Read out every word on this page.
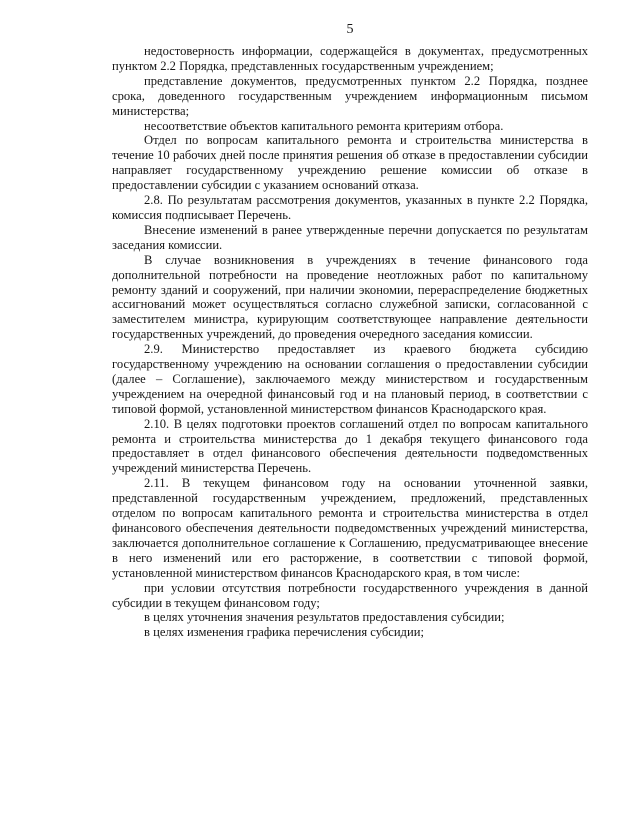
5

недостоверность информации, содержащейся в документах, предусмотренных пунктом 2.2 Порядка, представленных государственным учреждением;

представление документов, предусмотренных пунктом 2.2 Порядка, позднее срока, доведенного государственным учреждением информационным письмом министерства;

несоответствие объектов капитального ремонта критериям отбора.

Отдел по вопросам капитального ремонта и строительства министерства в течение 10 рабочих дней после принятия решения об отказе в предоставлении субсидии направляет государственному учреждению решение комиссии об отказе в предоставлении субсидии с указанием оснований отказа.

2.8. По результатам рассмотрения документов, указанных в пункте 2.2 Порядка, комиссия подписывает Перечень.

Внесение изменений в ранее утвержденные перечни допускается по результатам заседания комиссии.

В случае возникновения в учреждениях в течение финансового года дополнительной потребности на проведение неотложных работ по капитальному ремонту зданий и сооружений, при наличии экономии, перераспределение бюджетных ассигнований может осуществляться согласно служебной записки, согласованной с заместителем министра, курирующим соответствующее направление деятельности государственных учреждений, до проведения очередного заседания комиссии.

2.9. Министерство предоставляет из краевого бюджета субсидию государственному учреждению на основании соглашения о предоставлении субсидии (далее – Соглашение), заключаемого между министерством и государственным учреждением на очередной финансовый год и на плановый период, в соответствии с типовой формой, установленной министерством финансов Краснодарского края.

2.10. В целях подготовки проектов соглашений отдел по вопросам капитального ремонта и строительства министерства до 1 декабря текущего финансового года предоставляет в отдел финансового обеспечения деятельности подведомственных учреждений министерства Перечень.

2.11. В текущем финансовом году на основании уточненной заявки, представленной государственным учреждением, предложений, представленных отделом по вопросам капитального ремонта и строительства министерства в отдел финансового обеспечения деятельности подведомственных учреждений министерства, заключается дополнительное соглашение к Соглашению, предусматривающее внесение в него изменений или его расторжение, в соответствии с типовой формой, установленной министерством финансов Краснодарского края, в том числе:

при условии отсутствия потребности государственного учреждения в данной субсидии в текущем финансовом году;

в целях уточнения значения результатов предоставления субсидии;

в целях изменения графика перечисления субсидии;
